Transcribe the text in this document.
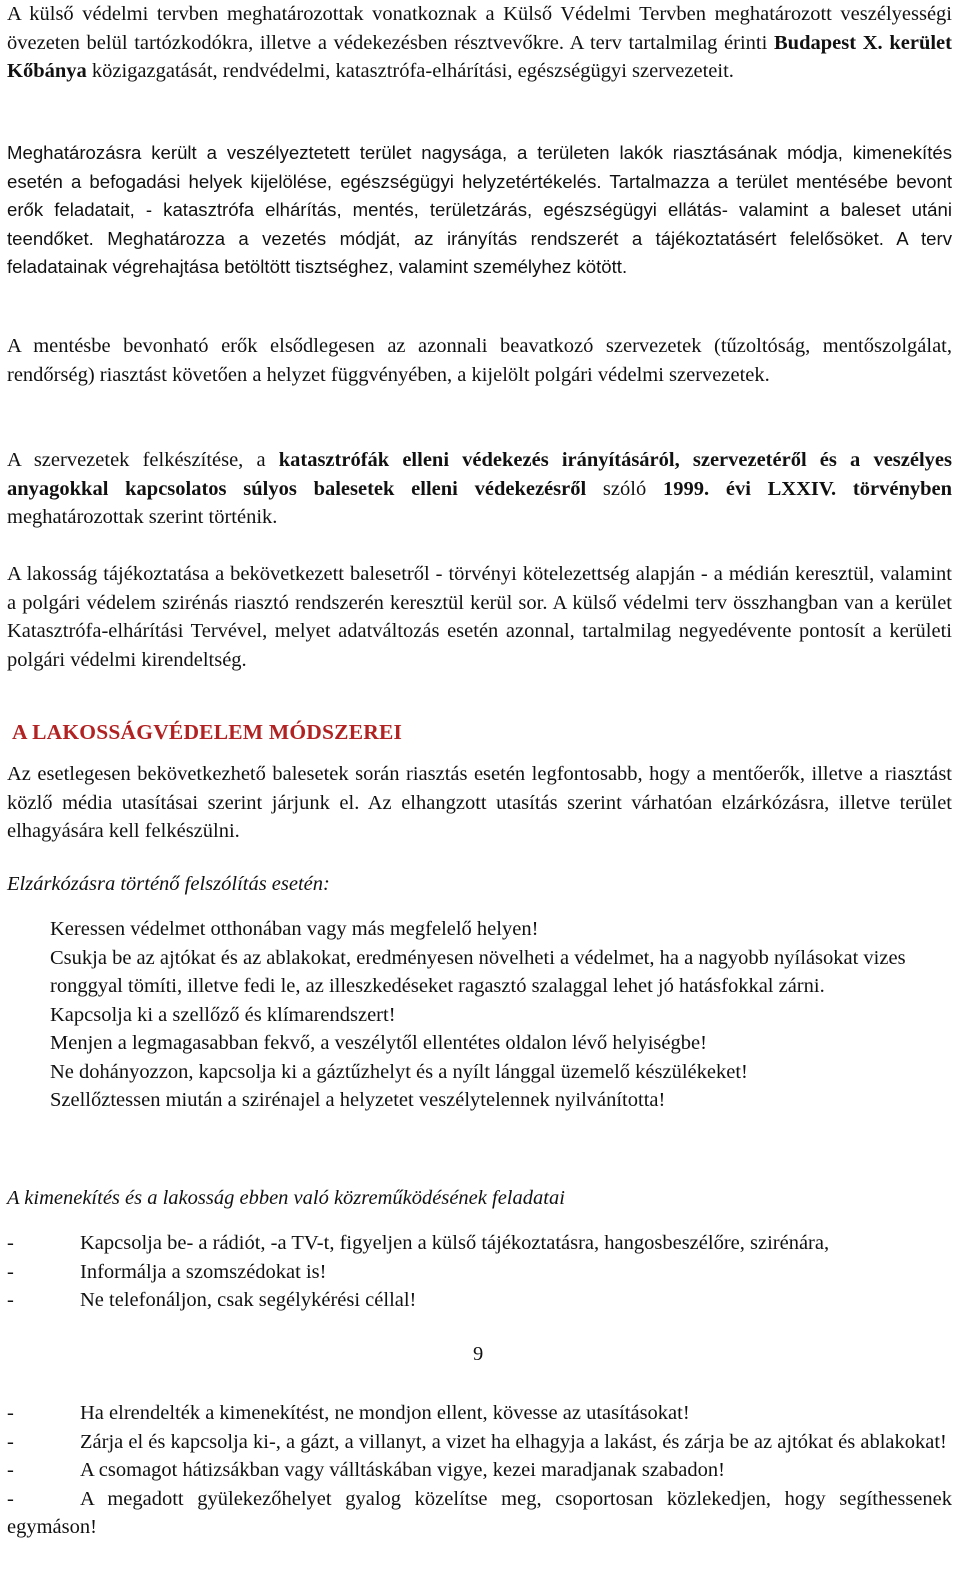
A külső védelmi tervben meghatározottak vonatkoznak a Külső Védelmi Tervben meghatározott veszélyességi övezeten belül tartózkodókra, illetve a védekezésben résztvevőkre. A terv tartalmilag érinti Budapest X. kerület Kőbánya közigazgatását, rendvédelmi, katasztrófa-elhárítási, egészségügyi szervezeteit.

Meghatározásra került a veszélyeztetett terület nagysága, a területen lakók riasztásának módja, kimenekítés esetén a befogadási helyek kijelölése, egészségügyi helyzetértékelés. Tartalmazza a terület mentésébe bevont erők feladatait, - katasztrófa elhárítás, mentés, területzárás, egészségügyi ellátás- valamint a baleset utáni teendőket. Meghatározza a vezetés módját, az irányítás rendszerét a tájékoztatásért felelősöket. A terv feladatainak végrehajtása betöltött tisztséghez, valamint személyhez kötött.

A mentésbe bevonható erők elsődlegesen az azonnali beavatkozó szervezetek (tűzoltóság, mentőszolgálat, rendőrség) riasztást követően a helyzet függvényében, a kijelölt polgári védelmi szervezetek.

A szervezetek felkészítése, a katasztrófák elleni védekezés irányításáról, szervezetéről és a veszélyes anyagokkal kapcsolatos súlyos balesetek elleni védekezésről szóló 1999. évi LXXIV. törvényben meghatározottak szerint történik.

A lakosság tájékoztatása a bekövetkezett balesetről - törvényi kötelezettség alapján - a médián keresztül, valamint a polgári védelem szirénás riasztó rendszerén keresztül kerül sor. A külső védelmi terv összhangban van a kerület Katasztrófa-elhárítási Tervével, melyet adatváltozás esetén azonnal, tartalmilag negyedévente pontosít a kerületi polgári védelmi kirendeltség.

A LAKOSSÁGVÉDELEM MÓDSZEREI

Az esetlegesen bekövetkezhető balesetek során riasztás esetén legfontosabb, hogy a mentőerők, illetve a riasztást közlő média utasításai szerint járjunk el. Az elhangzott utasítás szerint várhatóan elzárkózásra, illetve terület elhagyására kell felkészülni.

Elzárkózásra történő felszólítás esetén:

Keressen védelmet otthonában vagy más megfelelő helyen!
Csukja be az ajtókat és az ablakokat, eredményesen növelheti a védelmet, ha a nagyobb nyílásokat vizes ronggyal tömíti, illetve fedi le, az illeszkedéseket ragasztó szalaggal lehet jó hatásfokkal zárni.
Kapcsolja ki a szellőző és klímarendszert!
Menjen a legmagasabban fekvő, a veszélytől ellentétes oldalon lévő helyiségbe!
Ne dohányozzon, kapcsolja ki a gáztűzhelyt és a nyílt lánggal üzemelő készülékeket!
Szellőztessen miután a szirénajel a helyzetet veszélytelennek nyilvánította!

A kimenekítés és a lakosság ebben való közreműködésének feladatai

-	Kapcsolja be- a rádiót, -a TV-t, figyeljen a külső tájékoztatásra, hangosbeszélőre, szirénára,
-	Informálja a szomszédokat is!
-	Ne telefonáljon, csak segélykérési céllal!

9

-	Ha elrendelték a kimenekítést, ne mondjon ellent, kövesse az utasításokat!
-	Zárja el és kapcsolja ki-, a gázt, a villanyt, a vizet ha elhagyja a lakást, és zárja be az ajtókat és ablakokat!
-	A csomagot hátizsákban vagy válltáskában vigye, kezei maradjanak szabadon!
-	A megadott gyülekezőhelyet gyalog közelítse meg, csoportosan közlekedjen, hogy segíthessenek egymáson!
